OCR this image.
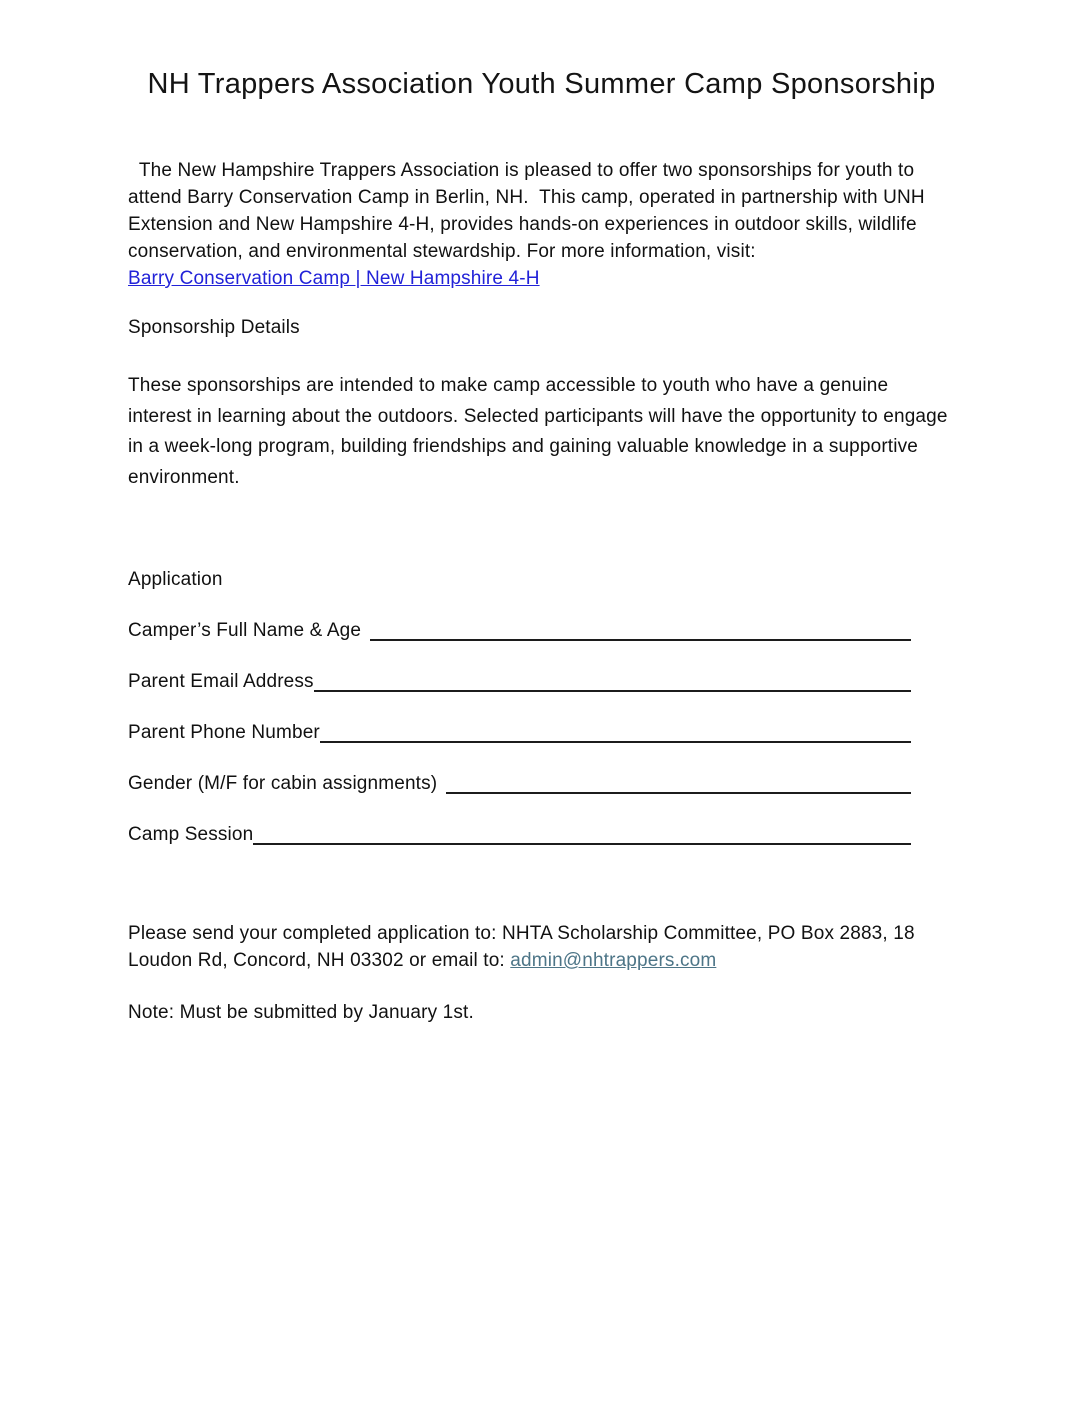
NH Trappers Association Youth Summer Camp Sponsorship

The New Hampshire Trappers Association is pleased to offer two sponsorships for youth to attend Barry Conservation Camp in Berlin, NH.  This camp, operated in partnership with UNH Extension and New Hampshire 4-H, provides hands-on experiences in outdoor skills, wildlife conservation, and environmental stewardship. For more information, visit:

Barry Conservation Camp | New Hampshire 4-H

Sponsorship Details

These sponsorships are intended to make camp accessible to youth who have a genuine interest in learning about the outdoors. Selected participants will have the opportunity to engage in a week-long program, building friendships and gaining valuable knowledge in a supportive environment.

Application

Camper’s Full Name & Age
Parent Email Address
Parent Phone Number
Gender (M/F for cabin assignments)
Camp Session

Please send your completed application to: NHTA Scholarship Committee, PO Box 2883, 18 Loudon Rd, Concord, NH 03302 or email to: admin@nhtrappers.com

Note: Must be submitted by January 1st.
